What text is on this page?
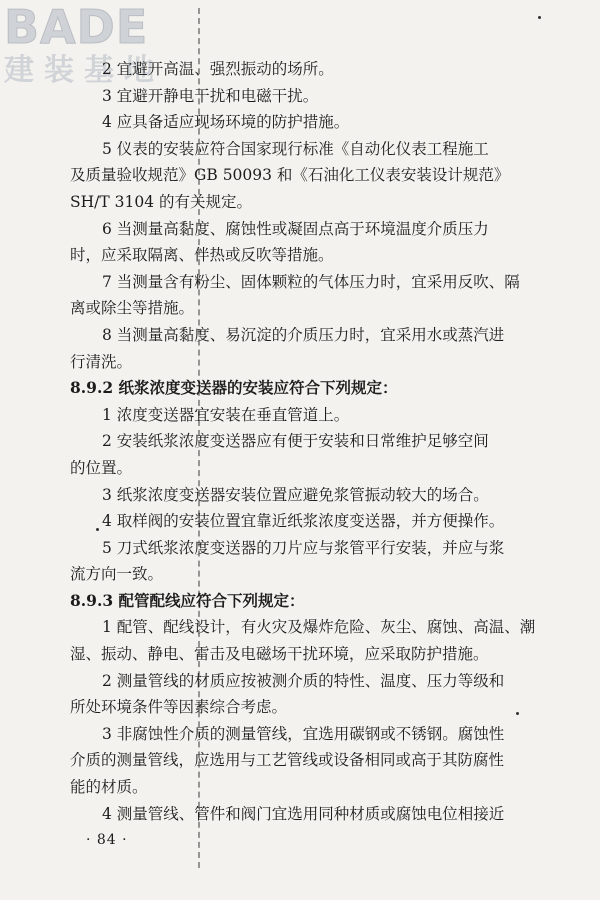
BADE
建装基地
2 宜避开高温、强烈振动的场所。
3 宜避开静电干扰和电磁干扰。
4 应具备适应现场环境的防护措施。
5 仪表的安装应符合国家现行标准《自动化仪表工程施工
及质量验收规范》GB 50093 和《石油化工仪表安装设计规范》
SH/T 3104 的有关规定。
6 当测量高黏度、腐蚀性或凝固点高于环境温度介质压力
时，应采取隔离、伴热或反吹等措施。
7 当测量含有粉尘、固体颗粒的气体压力时，宜采用反吹、隔
离或除尘等措施。
8 当测量高黏度、易沉淀的介质压力时，宜采用水或蒸汽进
行清洗。
8.9.2 纸浆浓度变送器的安装应符合下列规定：
1 浓度变送器宜安装在垂直管道上。
2 安装纸浆浓度变送器应有便于安装和日常维护足够空间
的位置。
3 纸浆浓度变送器安装位置应避免浆管振动较大的场合。
4 取样阀的安装位置宜靠近纸浆浓度变送器，并方便操作。
5 刀式纸浆浓度变送器的刀片应与浆管平行安装，并应与浆
流方向一致。
8.9.3 配管配线应符合下列规定：
1 配管、配线设计，有火灾及爆炸危险、灰尘、腐蚀、高温、潮
湿、振动、静电、雷击及电磁场干扰环境，应采取防护措施。
2 测量管线的材质应按被测介质的特性、温度、压力等级和
所处环境条件等因素综合考虑。
3 非腐蚀性介质的测量管线，宜选用碳钢或不锈钢。腐蚀性
介质的测量管线，应选用与工艺管线或设备相同或高于其防腐性
能的材质。
4 测量管线、管件和阀门宜选用同种材质或腐蚀电位相接近
· 84 ·
